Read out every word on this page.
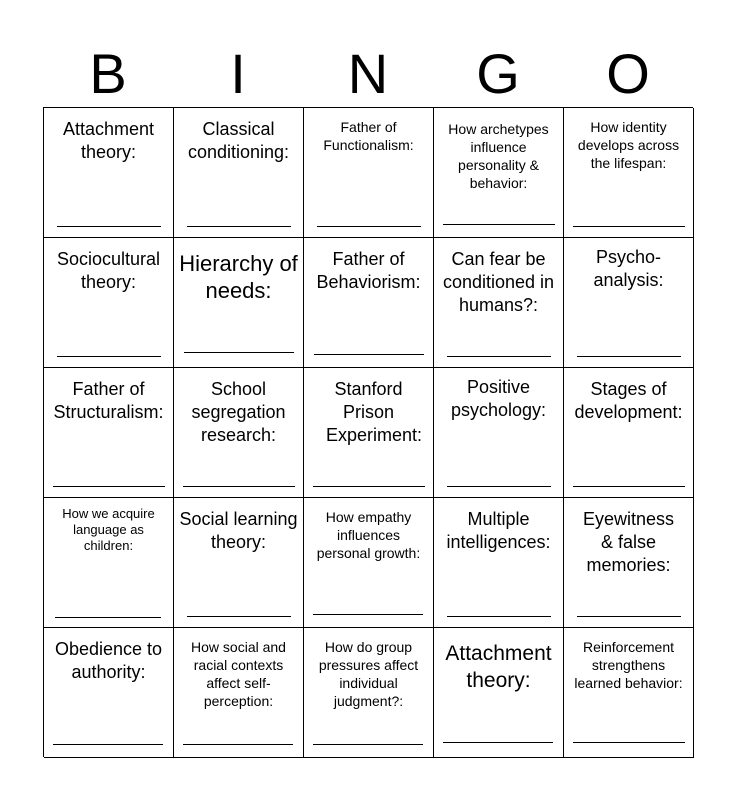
B	I	N	G	O
Attachment theory:
Classical conditioning:
Father of Functionalism:
How archetypes influence personality & behavior:
How identity develops across the lifespan:
Sociocultural theory:
Hierarchy of needs:
Father of Behaviorism:
Can fear be conditioned in humans?:
Psycho-analysis:
Father of Structuralism:
School segregation research:
Stanford Prison Experiment:
Positive psychology:
Stages of development:
How we acquire language as children:
Social learning theory:
How empathy influences personal growth:
Multiple intelligences:
Eyewitness & false memories:
Obedience to authority:
How social and racial contexts affect self-perception:
How do group pressures affect individual judgment?:
Attachment theory:
Reinforcement strengthens learned behavior:
